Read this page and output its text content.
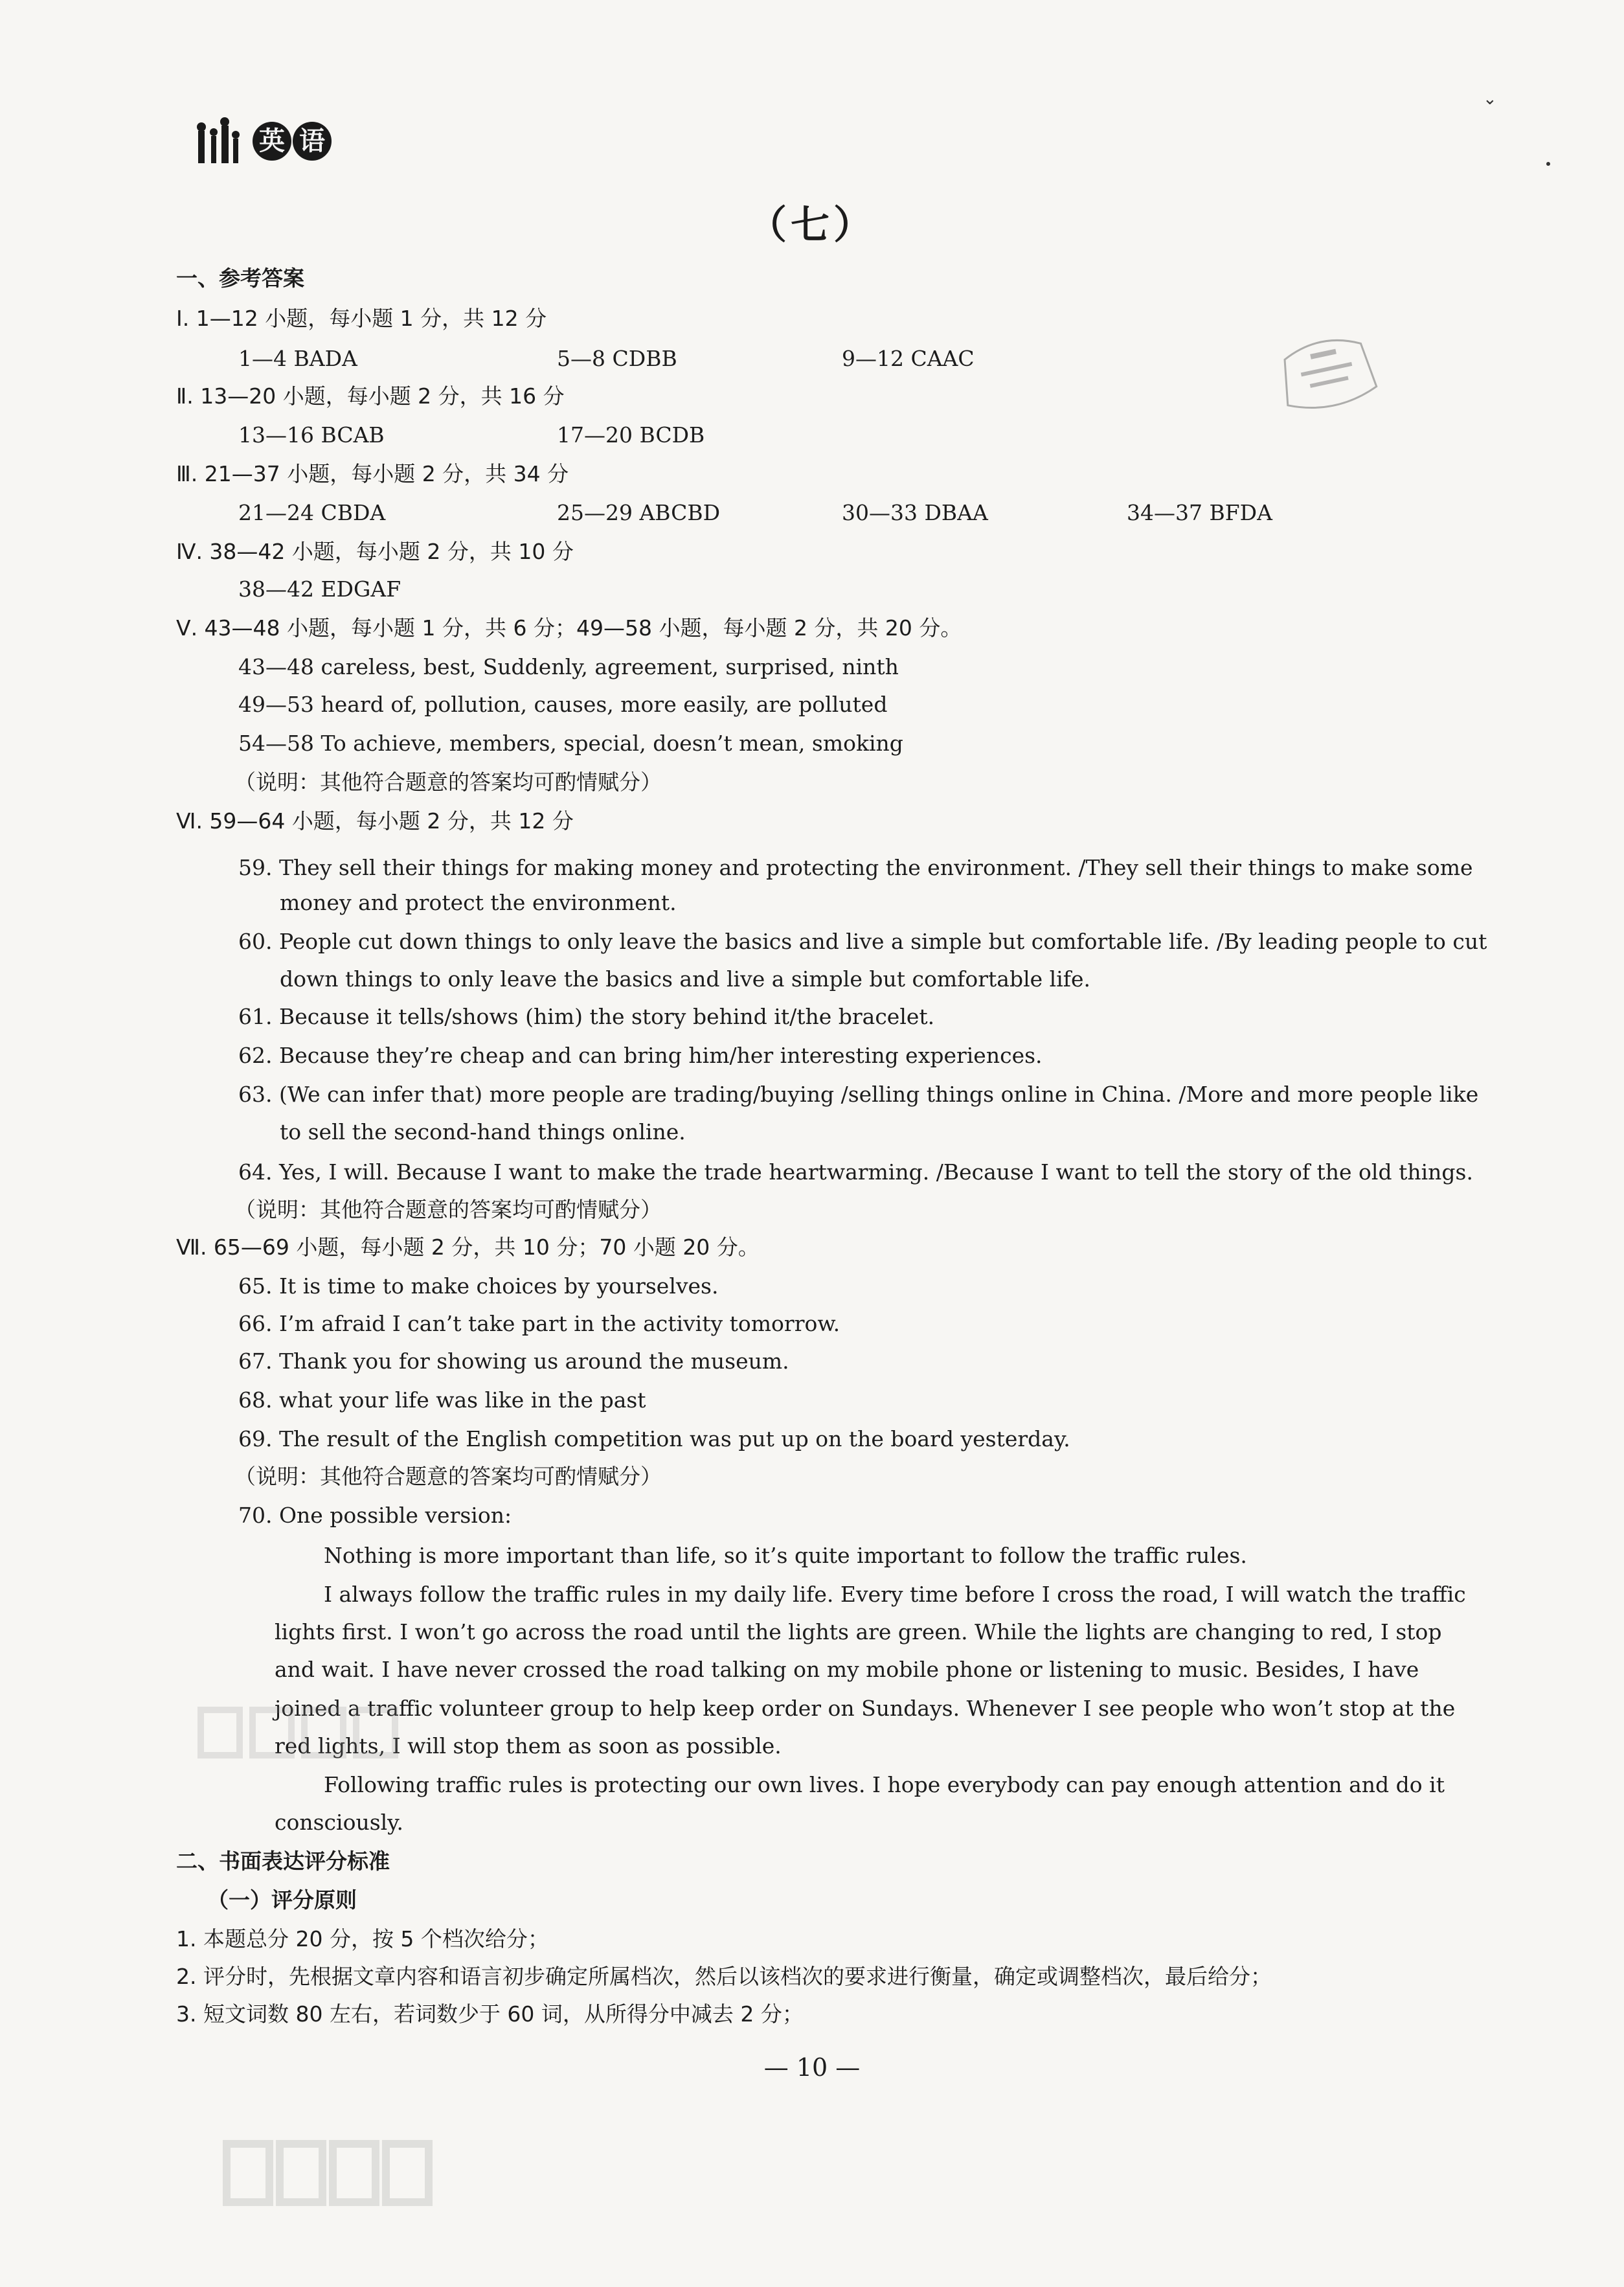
英 语
⌄
（七）
一、参考答案
Ⅰ. 1—12 小题，每小题 1 分，共 12 分
1—4 BADA	5—8 CDBB	9—12 CAAC
Ⅱ. 13—20 小题，每小题 2 分，共 16 分
13—16 BCAB	17—20 BCDB
Ⅲ. 21—37 小题，每小题 2 分，共 34 分
21—24 CBDA	25—29 ABCBD	30—33 DBAA	34—37 BFDA
Ⅳ. 38—42 小题，每小题 2 分，共 10 分
38—42 EDGAF
Ⅴ. 43—48 小题，每小题 1 分，共 6 分；49—58 小题，每小题 2 分，共 20 分。
43—48 careless, best, Suddenly, agreement, surprised, ninth
49—53 heard of, pollution, causes, more easily, are polluted
54—58 To achieve, members, special, doesn’t mean, smoking
（说明：其他符合题意的答案均可酌情赋分）
Ⅵ. 59—64 小题，每小题 2 分，共 12 分
59. They sell their things for making money and protecting the environment. /They sell their things to make some
money and protect the environment.
60. People cut down things to only leave the basics and live a simple but comfortable life. /By leading people to cut
down things to only leave the basics and live a simple but comfortable life.
61. Because it tells/shows (him) the story behind it/the bracelet.
62. Because they’re cheap and can bring him/her interesting experiences.
63. (We can infer that) more people are trading/buying /selling things online in China. /More and more people like
to sell the second-hand things online.
64. Yes, I will. Because I want to make the trade heartwarming. /Because I want to tell the story of the old things.
（说明：其他符合题意的答案均可酌情赋分）
Ⅶ. 65—69 小题，每小题 2 分，共 10 分；70 小题 20 分。
65. It is time to make choices by yourselves.
66. I’m afraid I can’t take part in the activity tomorrow.
67. Thank you for showing us around the museum.
68. what your life was like in the past
69. The result of the English competition was put up on the board yesterday.
（说明：其他符合题意的答案均可酌情赋分）
70. One possible version:
Nothing is more important than life, so it’s quite important to follow the traffic rules.
I always follow the traffic rules in my daily life. Every time before I cross the road, I will watch the traffic
lights first. I won’t go across the road until the lights are green. While the lights are changing to red, I stop
and wait. I have never crossed the road talking on my mobile phone or listening to music. Besides, I have
joined a traffic volunteer group to help keep order on Sundays. Whenever I see people who won’t stop at the
red lights, I will stop them as soon as possible.
Following traffic rules is protecting our own lives. I hope everybody can pay enough attention and do it
consciously.
二、书面表达评分标准
（一）评分原则
1. 本题总分 20 分，按 5 个档次给分；
2. 评分时，先根据文章内容和语言初步确定所属档次，然后以该档次的要求进行衡量，确定或调整档次，最后给分；
3. 短文词数 80 左右，若词数少于 60 词，从所得分中减去 2 分；
— 10 —
